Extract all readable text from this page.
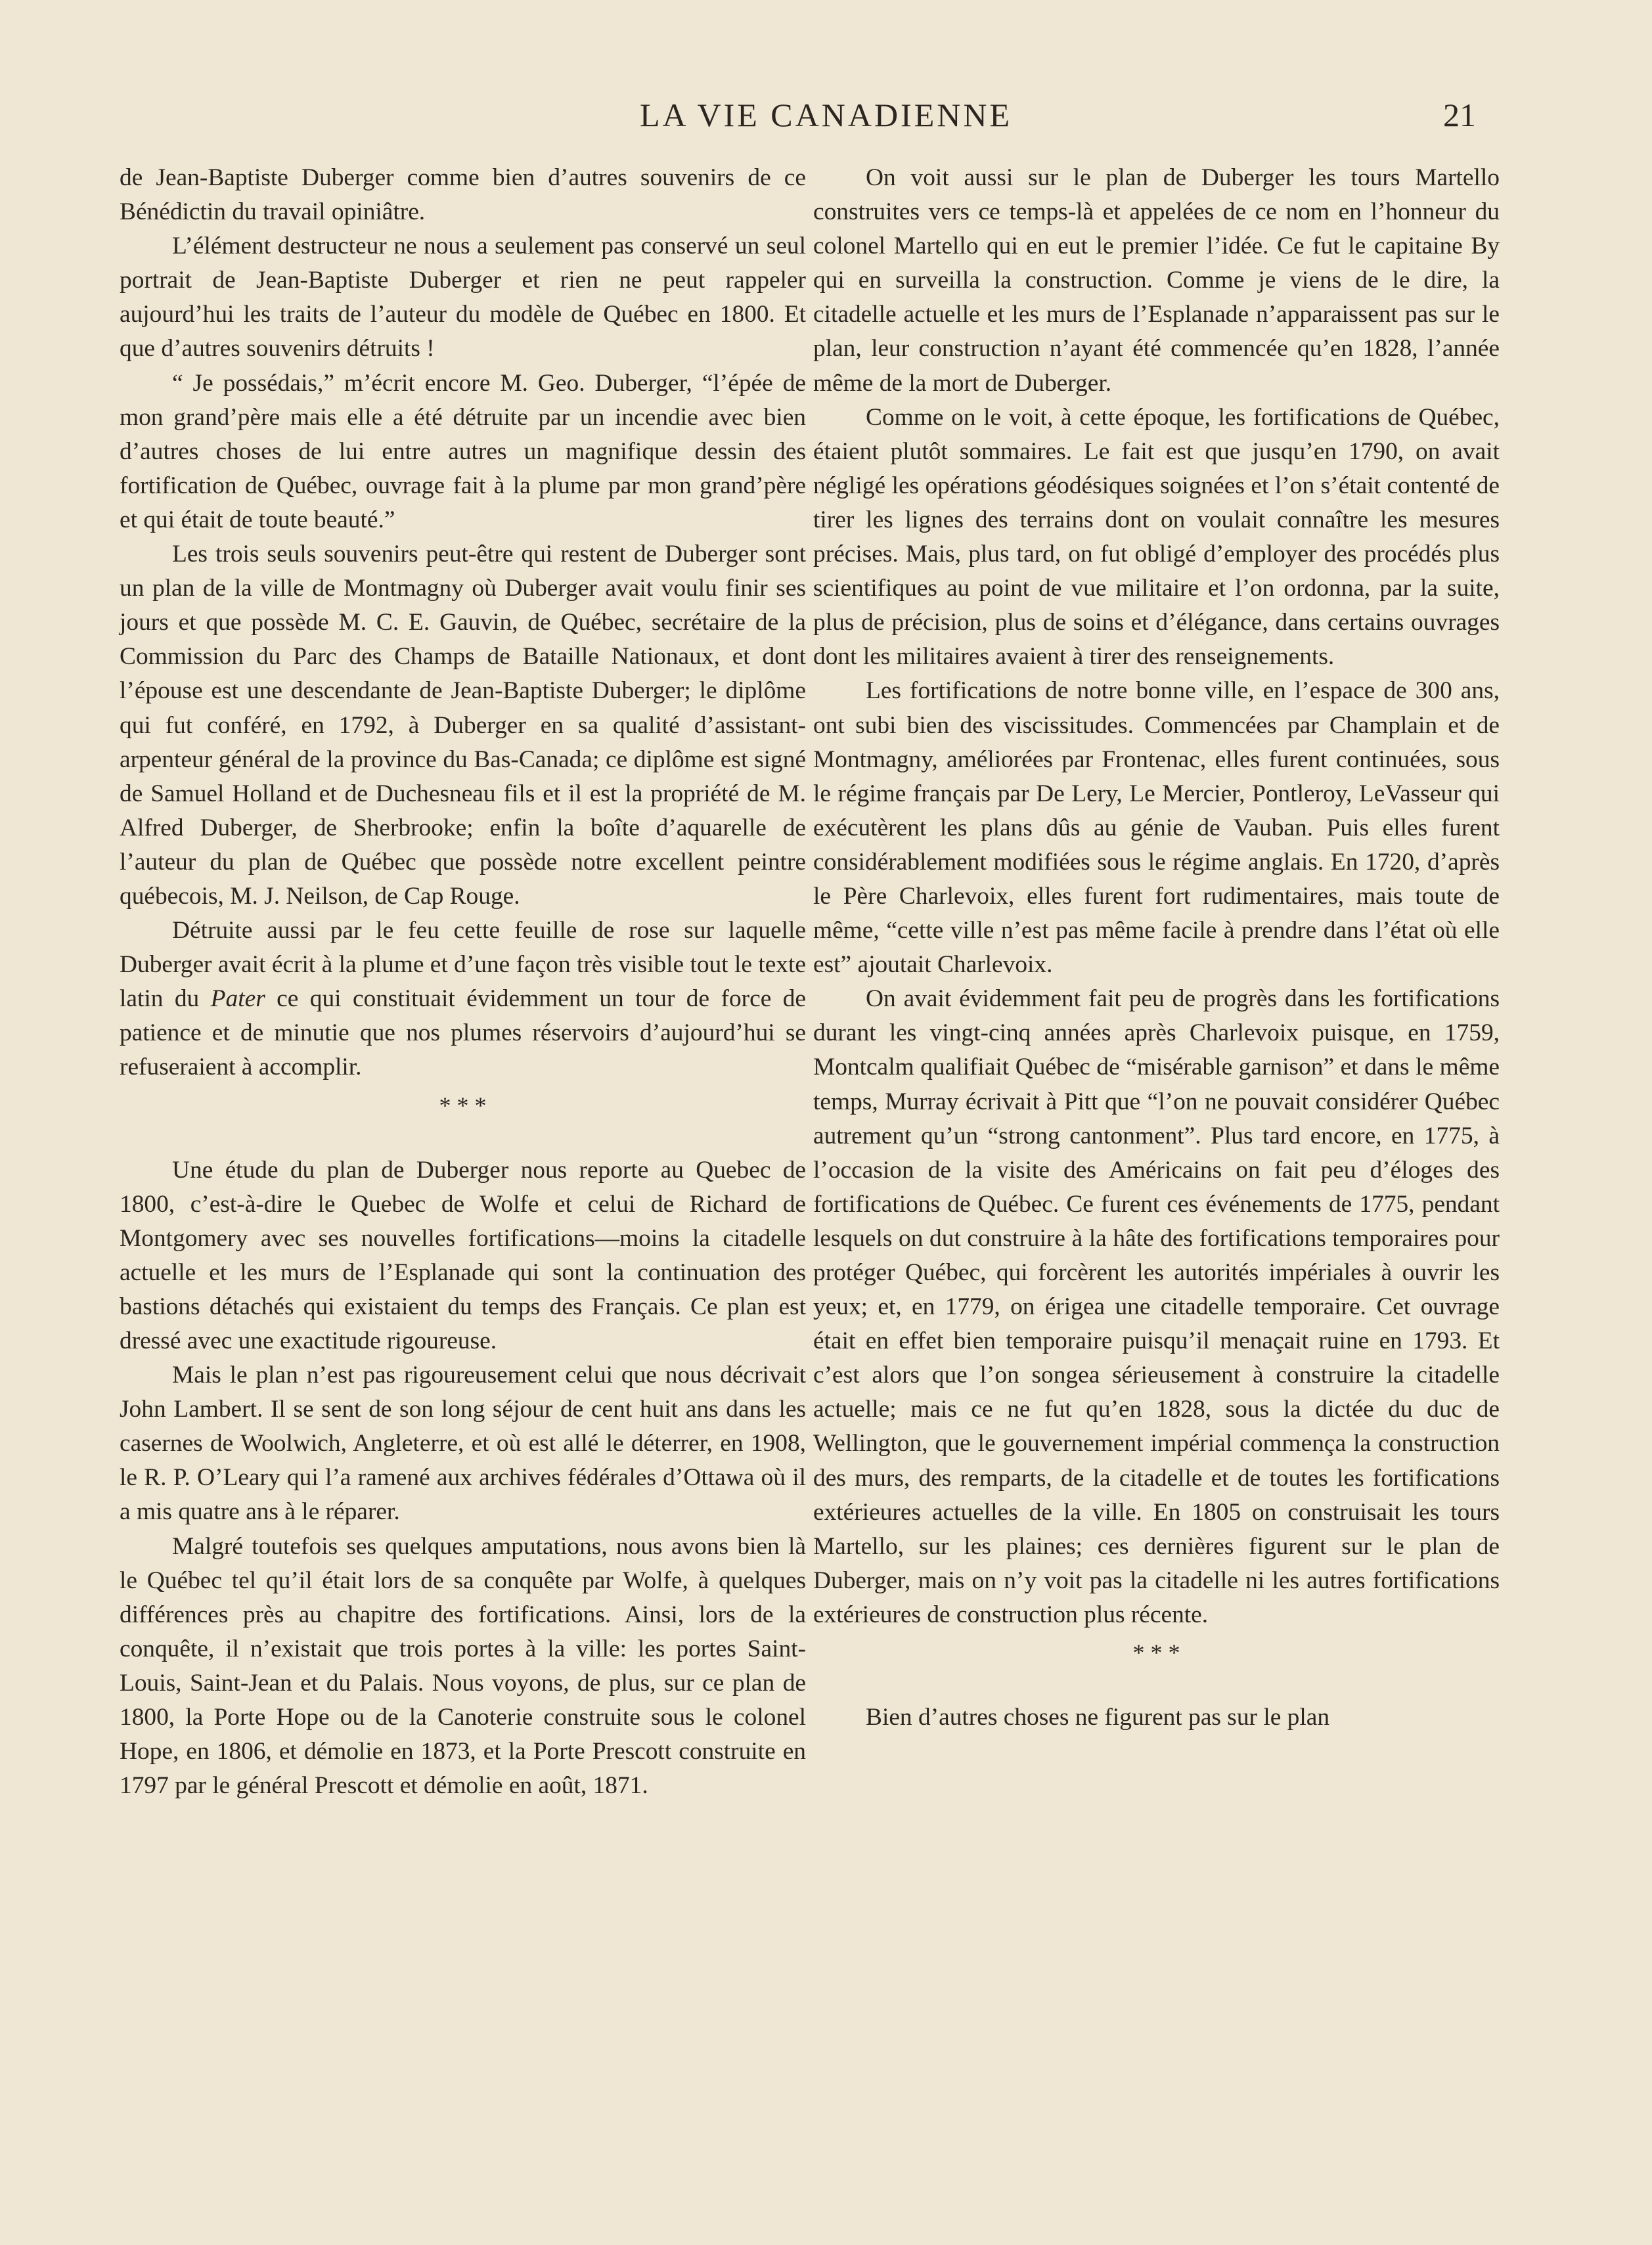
LA VIE CANADIENNE	21

de Jean-Baptiste Duberger comme bien d’autres souvenirs de ce Bénédictin du travail opiniâtre.

L’élément destructeur ne nous a seulement pas conservé un seul portrait de Jean-Baptiste Duberger et rien ne peut rappeler aujourd’hui les traits de l’auteur du modèle de Québec en 1800. Et que d’autres souvenirs détruits !

“ Je possédais,” m’écrit encore M. Geo. Duberger, “l’épée de mon grand’père mais elle a été détruite par un incendie avec bien d’autres choses de lui entre autres un magnifique dessin des fortification de Québec, ouvrage fait à la plume par mon grand’père et qui était de toute beauté.”

Les trois seuls souvenirs peut-être qui restent de Duberger sont un plan de la ville de Montmagny où Duberger avait voulu finir ses jours et que possède M. C. E. Gauvin, de Québec, secrétaire de la Commission du Parc des Champs de Bataille Nationaux, et dont l’épouse est une descendante de Jean-Baptiste Duberger; le diplôme qui fut conféré, en 1792, à Duberger en sa qualité d’assistant-arpenteur général de la province du Bas-Canada; ce diplôme est signé de Samuel Holland et de Duchesneau fils et il est la propriété de M. Alfred Duberger, de Sherbrooke; enfin la boîte d’aquarelle de l’auteur du plan de Québec que possède notre excellent peintre québecois, M. J. Neilson, de Cap Rouge.

Détruite aussi par le feu cette feuille de rose sur laquelle Duberger avait écrit à la plume et d’une façon très visible tout le texte latin du Pater ce qui constituait évidemment un tour de force de patience et de minutie que nos plumes réservoirs d’aujourd’hui se refuseraient à accomplir.

* * *

Une étude du plan de Duberger nous reporte au Quebec de 1800, c’est-à-dire le Quebec de Wolfe et celui de Richard de Montgomery avec ses nouvelles fortifications—moins la citadelle actuelle et les murs de l’Esplanade qui sont la continuation des bastions détachés qui existaient du temps des Français. Ce plan est dressé avec une exactitude rigoureuse.

Mais le plan n’est pas rigoureusement celui que nous décrivait John Lambert. Il se sent de son long séjour de cent huit ans dans les casernes de Woolwich, Angleterre, et où est allé le déterrer, en 1908, le R. P. O’Leary qui l’a ramené aux archives fédérales d’Ottawa où il a mis quatre ans à le réparer.

Malgré toutefois ses quelques amputations, nous avons bien là le Québec tel qu’il était lors de sa conquête par Wolfe, à quelques différences près au chapitre des fortifications. Ainsi, lors de la conquête, il n’existait que trois portes à la ville: les portes Saint-Louis, Saint-Jean et du Palais. Nous voyons, de plus, sur ce plan de 1800, la Porte Hope ou de la Canoterie construite sous le colonel Hope, en 1806, et démolie en 1873, et la Porte Prescott construite en 1797 par le général Prescott et démolie en août, 1871.

On voit aussi sur le plan de Duberger les tours Martello construites vers ce temps-là et appelées de ce nom en l’honneur du colonel Martello qui en eut le premier l’idée. Ce fut le capitaine By qui en surveilla la construction. Comme je viens de le dire, la citadelle actuelle et les murs de l’Esplanade n’apparaissent pas sur le plan, leur construction n’ayant été commencée qu’en 1828, l’année même de la mort de Duberger.

Comme on le voit, à cette époque, les fortifications de Québec, étaient plutôt sommaires. Le fait est que jusqu’en 1790, on avait négligé les opérations géodésiques soignées et l’on s’était contenté de tirer les lignes des terrains dont on voulait connaître les mesures précises. Mais, plus tard, on fut obligé d’employer des procédés plus scientifiques au point de vue militaire et l’on ordonna, par la suite, plus de précision, plus de soins et d’élégance, dans certains ouvrages dont les militaires avaient à tirer des renseignements.

Les fortifications de notre bonne ville, en l’espace de 300 ans, ont subi bien des viscissitudes. Commencées par Champlain et de Montmagny, améliorées par Frontenac, elles furent continuées, sous le régime français par De Lery, Le Mercier, Pontleroy, LeVasseur qui exécutèrent les plans dûs au génie de Vauban. Puis elles furent considérablement modifiées sous le régime anglais. En 1720, d’après le Père Charlevoix, elles furent fort rudimentaires, mais toute de même, “cette ville n’est pas même facile à prendre dans l’état où elle est” ajoutait Charlevoix.

On avait évidemment fait peu de progrès dans les fortifications durant les vingt-cinq années après Charlevoix puisque, en 1759, Montcalm qualifiait Québec de “misérable garnison” et dans le même temps, Murray écrivait à Pitt que “l’on ne pouvait considérer Québec autrement qu’un “strong cantonment”. Plus tard encore, en 1775, à l’occasion de la visite des Américains on fait peu d’éloges des fortifications de Québec. Ce furent ces événements de 1775, pendant lesquels on dut construire à la hâte des fortifications temporaires pour protéger Québec, qui forcèrent les autorités impériales à ouvrir les yeux; et, en 1779, on érigea une citadelle temporaire. Cet ouvrage était en effet bien temporaire puisqu’il menaçait ruine en 1793. Et c’est alors que l’on songea sérieusement à construire la citadelle actuelle; mais ce ne fut qu’en 1828, sous la dictée du duc de Wellington, que le gouvernement impérial commença la construction des murs, des remparts, de la citadelle et de toutes les fortifications extérieures actuelles de la ville. En 1805 on construisait les tours Martello, sur les plaines; ces dernières figurent sur le plan de Duberger, mais on n’y voit pas la citadelle ni les autres fortifications extérieures de construction plus récente.

* * *

Bien d’autres choses ne figurent pas sur le plan
